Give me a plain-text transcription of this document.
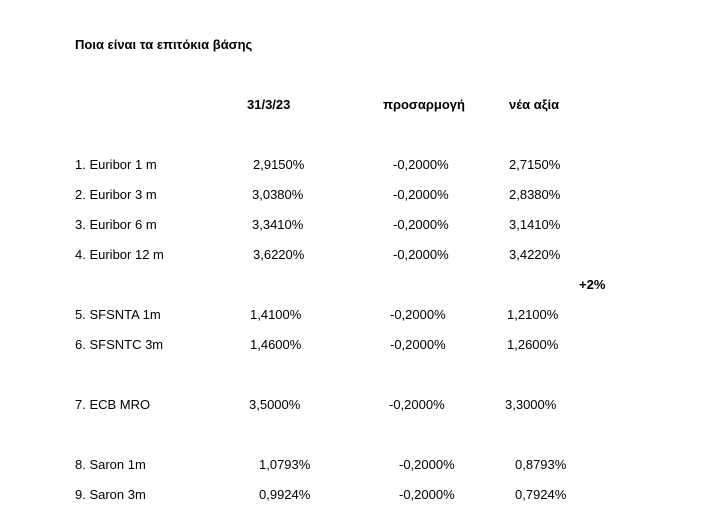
Ποια είναι τα επιτόκια βάσης
31/3/23	προσαρμογή	νέα αξία
1. Euribor 1 m	2,9150%	-0,2000%	2,7150%
2. Euribor 3 m	3,0380%	-0,2000%	2,8380%
3. Euribor 6 m	3,3410%	-0,2000%	3,1410%
4. Euribor 12 m	3,6220%	-0,2000%	3,4220%
+2%
5. SFSNTA 1m	1,4100%	-0,2000%	1,2100%
6. SFSNTC 3m	1,4600%	-0,2000%	1,2600%
7. ECB MRO	3,5000%	-0,2000%	3,3000%
8. Saron 1m	1,0793%	-0,2000%	0,8793%
9. Saron 3m	0,9924%	-0,2000%	0,7924%
